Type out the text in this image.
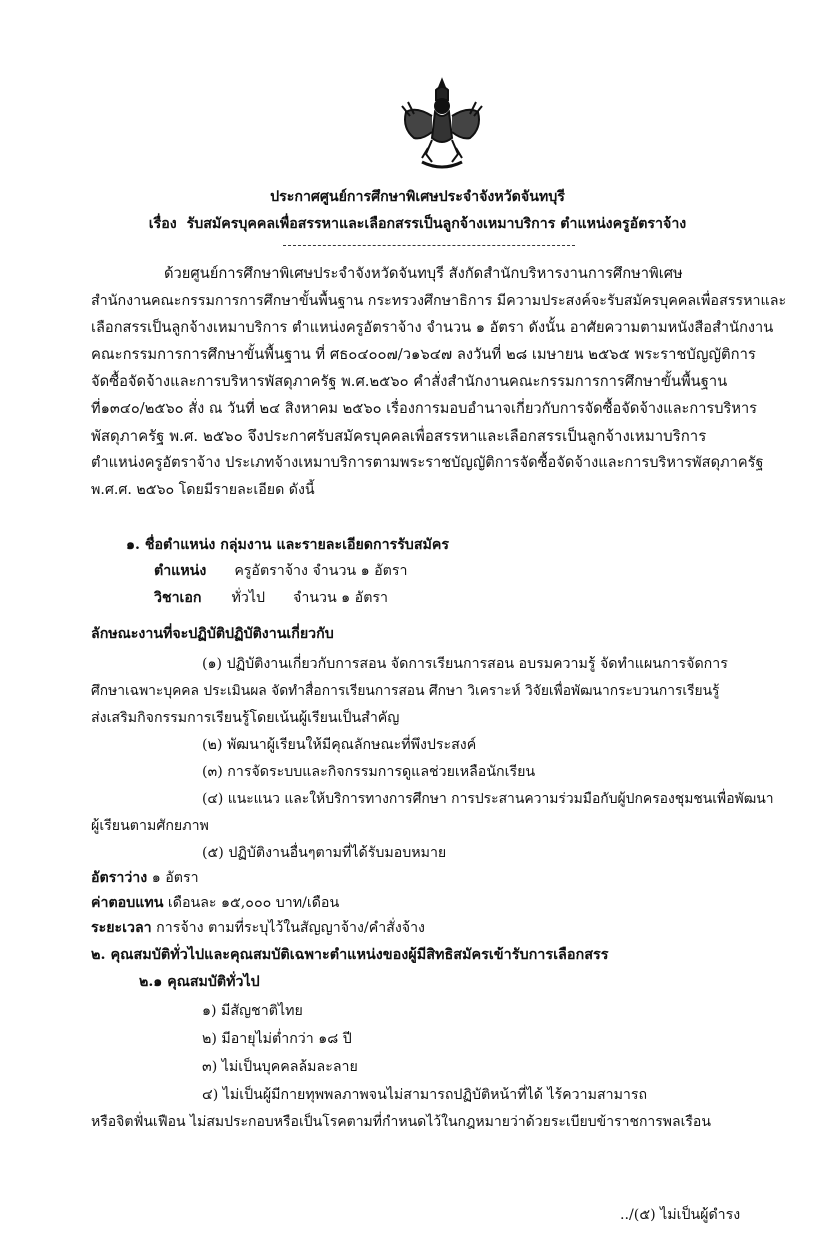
ประกาศศูนย์การศึกษาพิเศษประจำจังหวัดจันทบุรี
เรื่อง รับสมัครบุคคลเพื่อสรรหาและเลือกสรรเป็นลูกจ้างเหมาบริการ ตำแหน่งครูอัตราจ้าง
ด้วยศูนย์การศึกษาพิเศษประจำจังหวัดจันทบุรี สังกัดสำนักบริหารงานการศึกษาพิเศษ
สำนักงานคณะกรรมการการศึกษาขั้นพื้นฐาน กระทรวงศึกษาธิการ มีความประสงค์จะรับสมัครบุคคลเพื่อสรรหาและ
เลือกสรรเป็นลูกจ้างเหมาบริการ ตำแหน่งครูอัตราจ้าง จำนวน ๑ อัตรา ดังนั้น อาศัยความตามหนังสือสำนักงาน
คณะกรรมการการศึกษาขั้นพื้นฐาน ที่ ศธ๐๔๐๐๗/ว๑๖๔๗ ลงวันที่ ๒๘ เมษายน ๒๕๖๕ พระราชบัญญัติการ
จัดซื้อจัดจ้างและการบริหารพัสดุภาครัฐ พ.ศ.๒๕๖๐ คำสั่งสำนักงานคณะกรรมการการศึกษาขั้นพื้นฐาน
ที่๑๓๔๐/๒๕๖๐ สั่ง ณ วันที่ ๒๔ สิงหาคม ๒๕๖๐ เรื่องการมอบอำนาจเกี่ยวกับการจัดซื้อจัดจ้างและการบริหาร
พัสดุภาครัฐ พ.ศ. ๒๕๖๐ จึงประกาศรับสมัครบุคคลเพื่อสรรหาและเลือกสรรเป็นลูกจ้างเหมาบริการ
ตำแหน่งครูอัตราจ้าง ประเภทจ้างเหมาบริการตามพระราชบัญญัติการจัดซื้อจัดจ้างและการบริหารพัสดุภาครัฐ
พ.ศ.ศ. ๒๕๖๐ โดยมีรายละเอียด ดังนี้
๑. ชื่อตำแหน่ง กลุ่มงาน และรายละเอียดการรับสมัคร
ตำแหน่ง ครูอัตราจ้าง จำนวน ๑ อัตรา
วิชาเอก ทั่วไป จำนวน ๑ อัตรา
ลักษณะงานที่จะปฏิบัติปฏิบัติงานเกี่ยวกับ
(๑) ปฏิบัติงานเกี่ยวกับการสอน จัดการเรียนการสอน อบรมความรู้ จัดทำแผนการจัดการ
ศึกษาเฉพาะบุคคล ประเมินผล จัดทำสื่อการเรียนการสอน ศึกษา วิเคราะห์ วิจัยเพื่อพัฒนากระบวนการเรียนรู้
ส่งเสริมกิจกรรมการเรียนรู้โดยเน้นผู้เรียนเป็นสำคัญ
(๒) พัฒนาผู้เรียนให้มีคุณลักษณะที่พึงประสงค์
(๓) การจัดระบบและกิจกรรมการดูแลช่วยเหลือนักเรียน
(๔) แนะแนว และให้บริการทางการศึกษา การประสานความร่วมมือกับผู้ปกครองชุมชนเพื่อพัฒนา
ผู้เรียนตามศักยภาพ
(๕) ปฏิบัติงานอื่นๆตามที่ได้รับมอบหมาย
อัตราว่าง ๑ อัตรา
ค่าตอบแทน เดือนละ ๑๕,๐๐๐ บาท/เดือน
ระยะเวลา การจ้าง ตามที่ระบุไว้ในสัญญาจ้าง/คำสั่งจ้าง
๒. คุณสมบัติทั่วไปและคุณสมบัติเฉพาะตำแหน่งของผู้มีสิทธิสมัครเข้ารับการเลือกสรร
๒.๑ คุณสมบัติทั่วไป
๑) มีสัญชาติไทย
๒) มีอายุไม่ต่ำกว่า ๑๘ ปี
๓) ไม่เป็นบุคคลล้มละลาย
๔) ไม่เป็นผู้มีกายทุพพลภาพจนไม่สามารถปฏิบัติหน้าที่ได้ ไร้ความสามารถ
หรือจิตฟั่นเฟือน ไม่สมประกอบหรือเป็นโรคตามที่กำหนดไว้ในกฎหมายว่าด้วยระเบียบข้าราชการพลเรือน
../(๕) ไม่เป็นผู้ดำรง
